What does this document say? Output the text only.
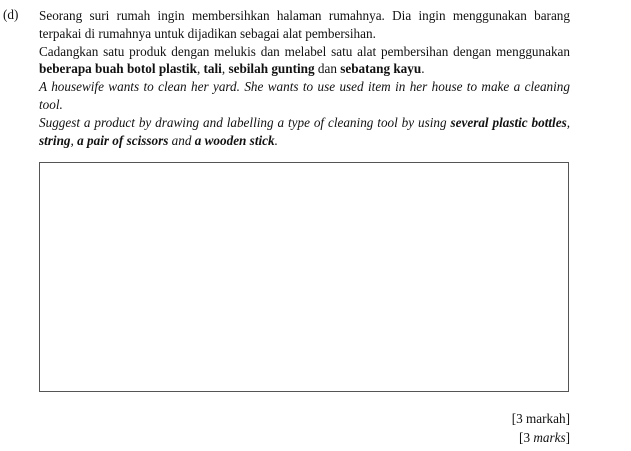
(d) Seorang suri rumah ingin membersihkan halaman rumahnya. Dia ingin menggunakan barang terpakai di rumahnya untuk dijadikan sebagai alat pembersihan.

Cadangkan satu produk dengan melukis dan melabel satu alat pembersihan dengan menggunakan beberapa buah botol plastik, tali, sebilah gunting dan sebatang kayu.

A housewife wants to clean her yard. She wants to use used item in her house to make a cleaning tool.

Suggest a product by drawing and labelling a type of cleaning tool by using several plastic bottles, string, a pair of scissors and a wooden stick.

[3 markah]
[3 marks]
